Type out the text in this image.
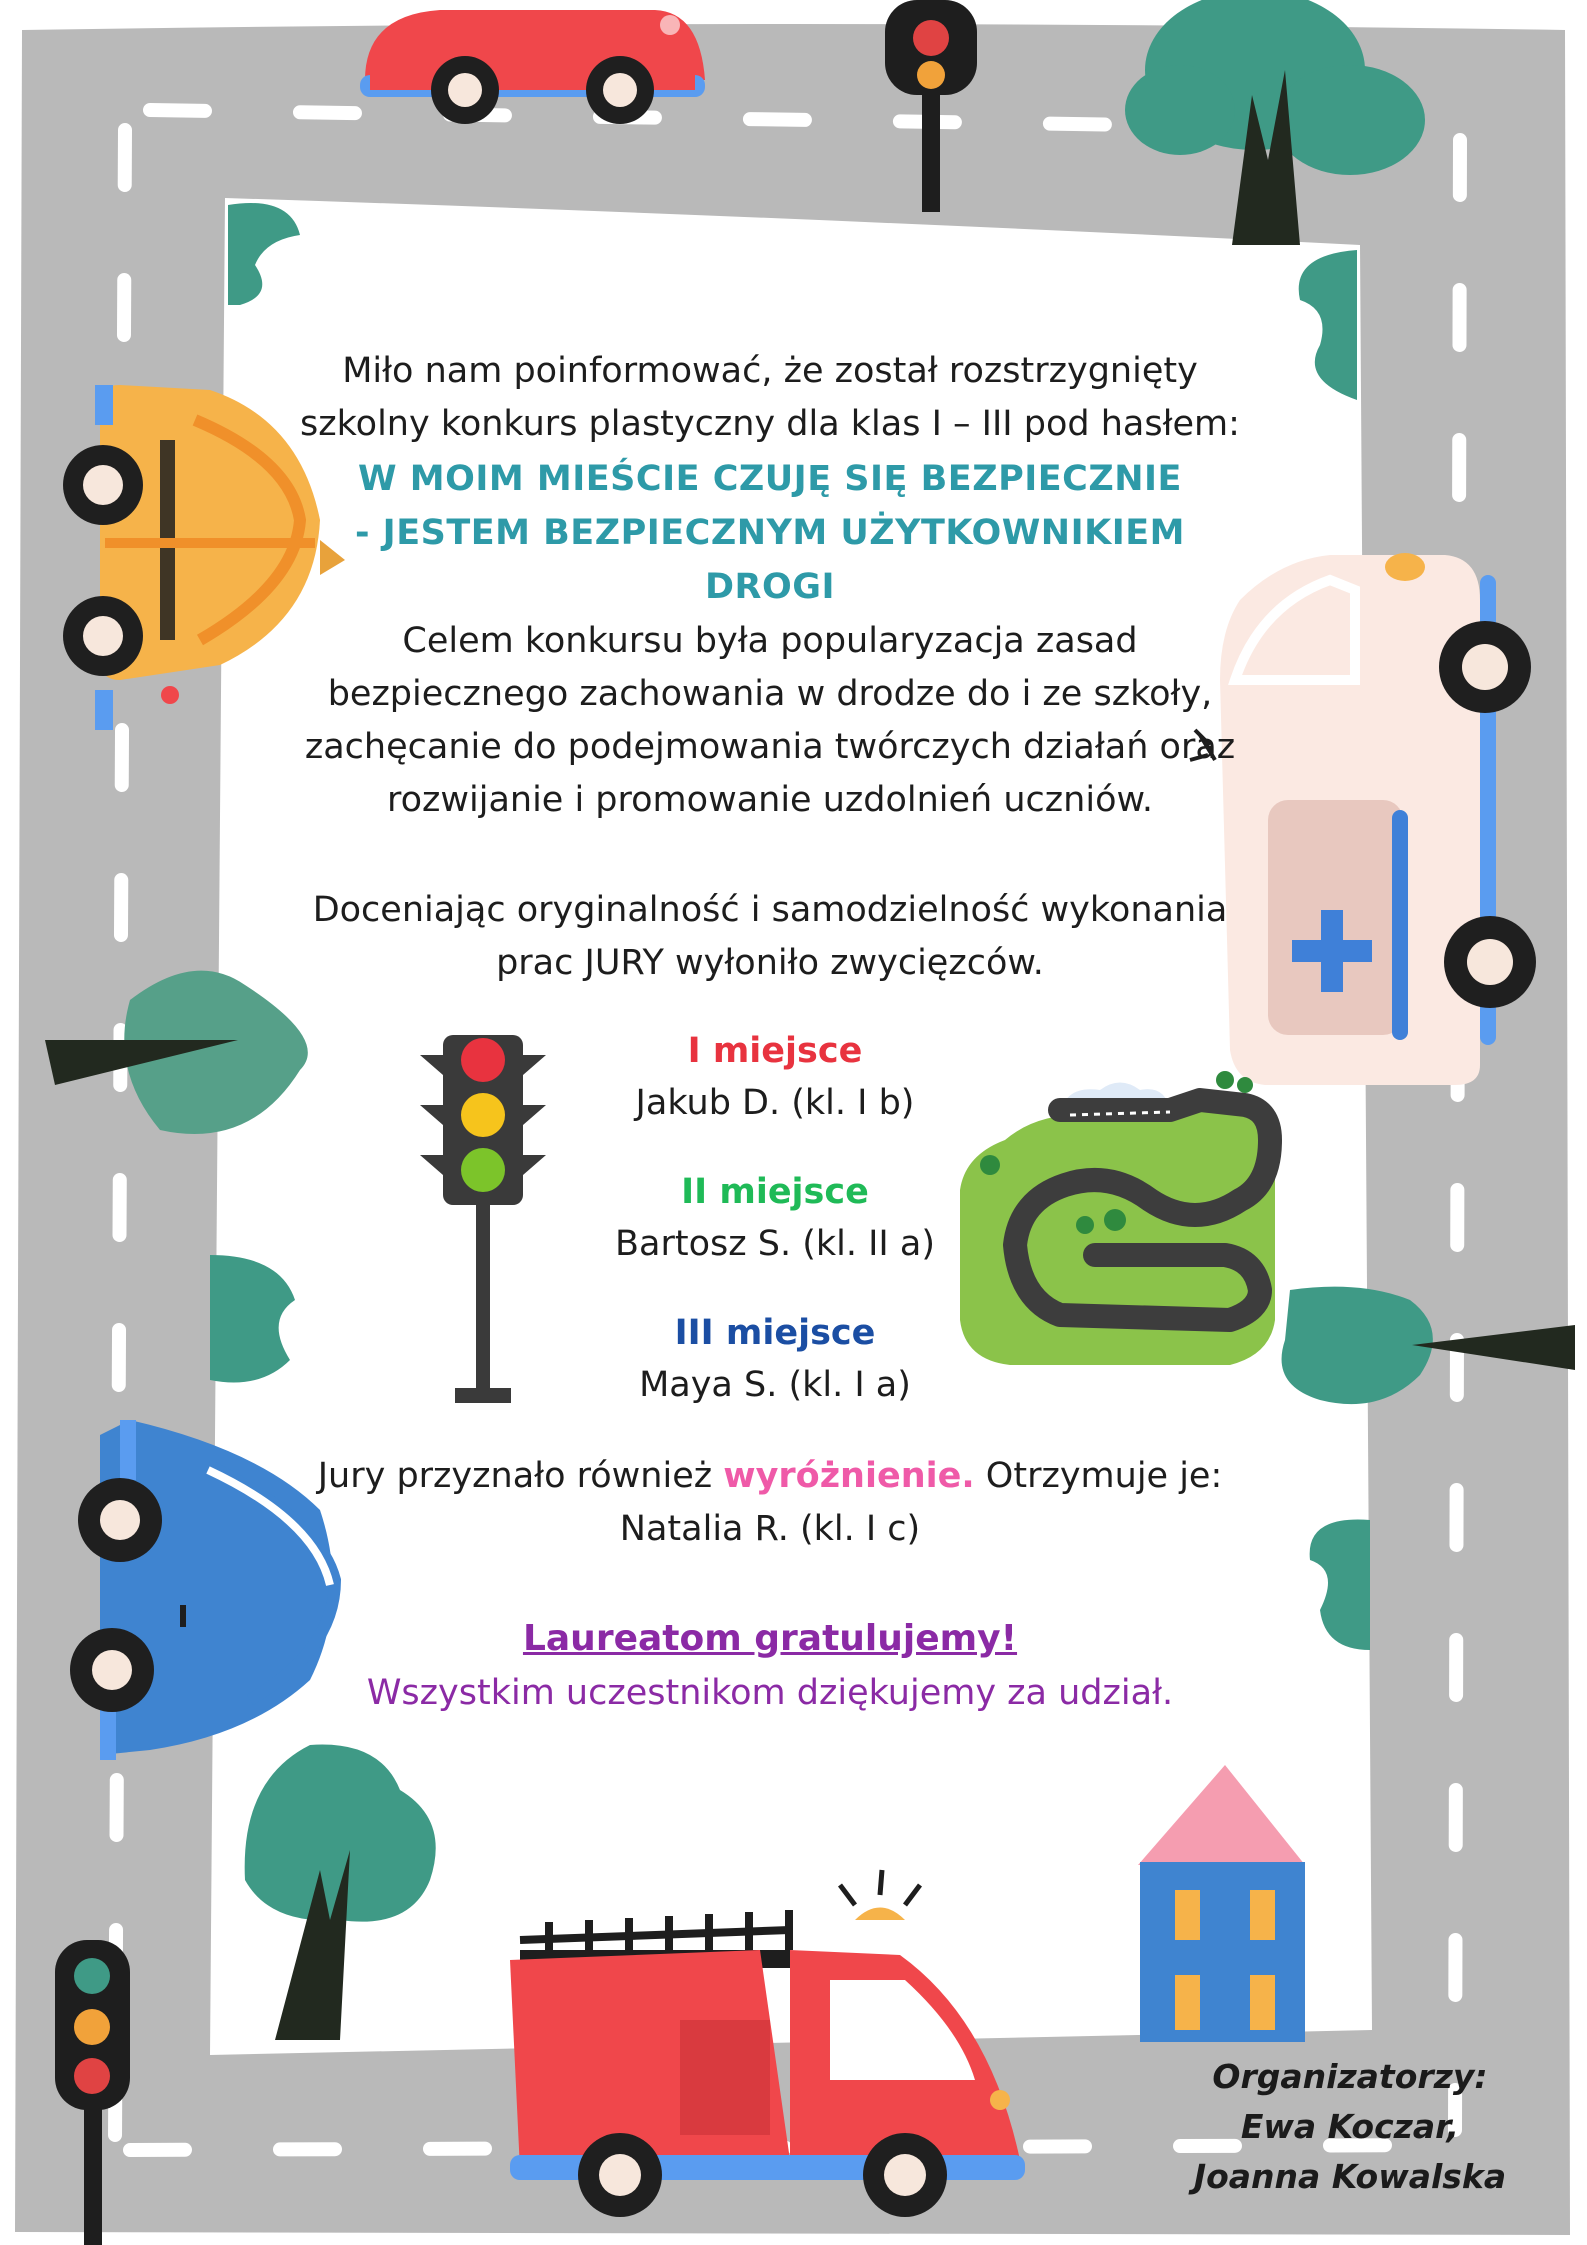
Miło nam poinformować, że został rozstrzygnięty
szkolny konkurs plastyczny dla klas I – III pod hasłem:
W MOIM MIEŚCIE CZUJĘ SIĘ BEZPIECZNIE
- JESTEM BEZPIECZNYM UŻYTKOWNIKIEM DROGI
Celem konkursu była popularyzacja zasad
bezpiecznego zachowania w drodze do i ze szkoły,
zachęcanie do podejmowania twórczych działań oraz
rozwijanie i promowanie uzdolnień uczniów.
Doceniając oryginalność i samodzielność wykonania
prac JURY wyłoniło zwycięzców.
I miejsce
Jakub D. (kl. I b)
II miejsce
Bartosz S. (kl. II a)
III miejsce
Maya S. (kl. I a)
Jury przyznało również wyróżnienie. Otrzymuje je:
Natalia R. (kl. I c)
Laureatom gratulujemy!
Wszystkim uczestnikom dziękujemy za udział.
Organizatorzy:
Ewa Koczar,
Joanna Kowalska
